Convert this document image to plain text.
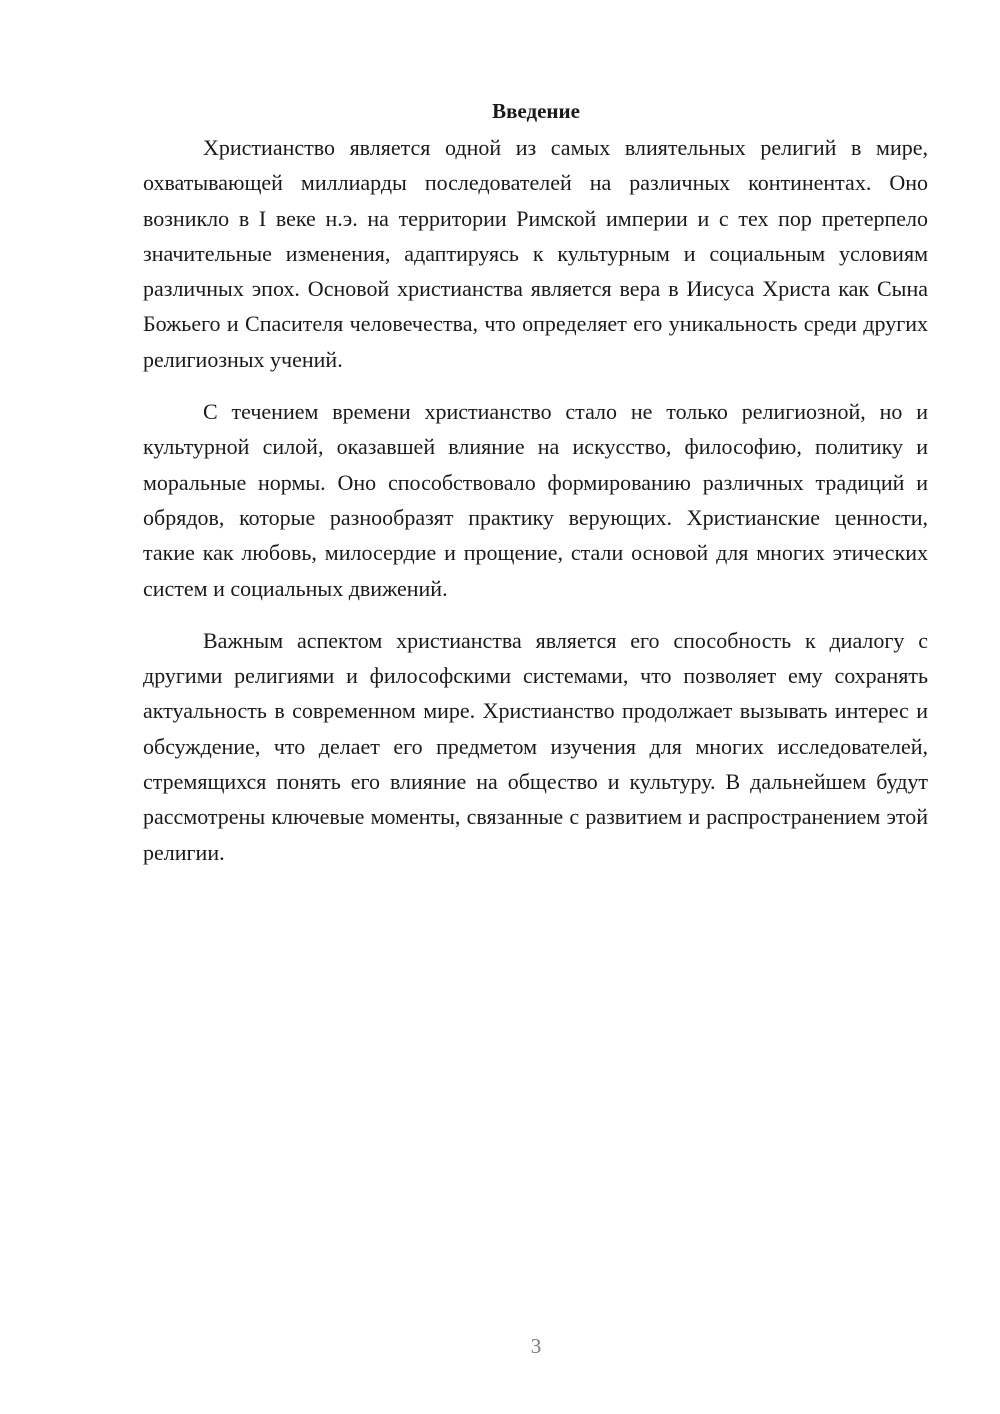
Введение

Христианство является одной из самых влиятельных религий в мире, охватывающей миллиарды последователей на различных континентах. Оно возникло в I веке н.э. на территории Римской империи и с тех пор претерпело значительные изменения, адаптируясь к культурным и социальным условиям различных эпох. Основой христианства является вера в Иисуса Христа как Сына Божьего и Спасителя человечества, что определяет его уникальность среди других религиозных учений.

С течением времени христианство стало не только религиозной, но и культурной силой, оказавшей влияние на искусство, философию, политику и моральные нормы. Оно способствовало формированию различных традиций и обрядов, которые разнообразят практику верующих. Христианские ценности, такие как любовь, милосердие и прощение, стали основой для многих этических систем и социальных движений.

Важным аспектом христианства является его способность к диалогу с другими религиями и философскими системами, что позволяет ему сохранять актуальность в современном мире. Христианство продолжает вызывать интерес и обсуждение, что делает его предметом изучения для многих исследователей, стремящихся понять его влияние на общество и культуру. В дальнейшем будут рассмотрены ключевые моменты, связанные с развитием и распространением этой религии.

3
